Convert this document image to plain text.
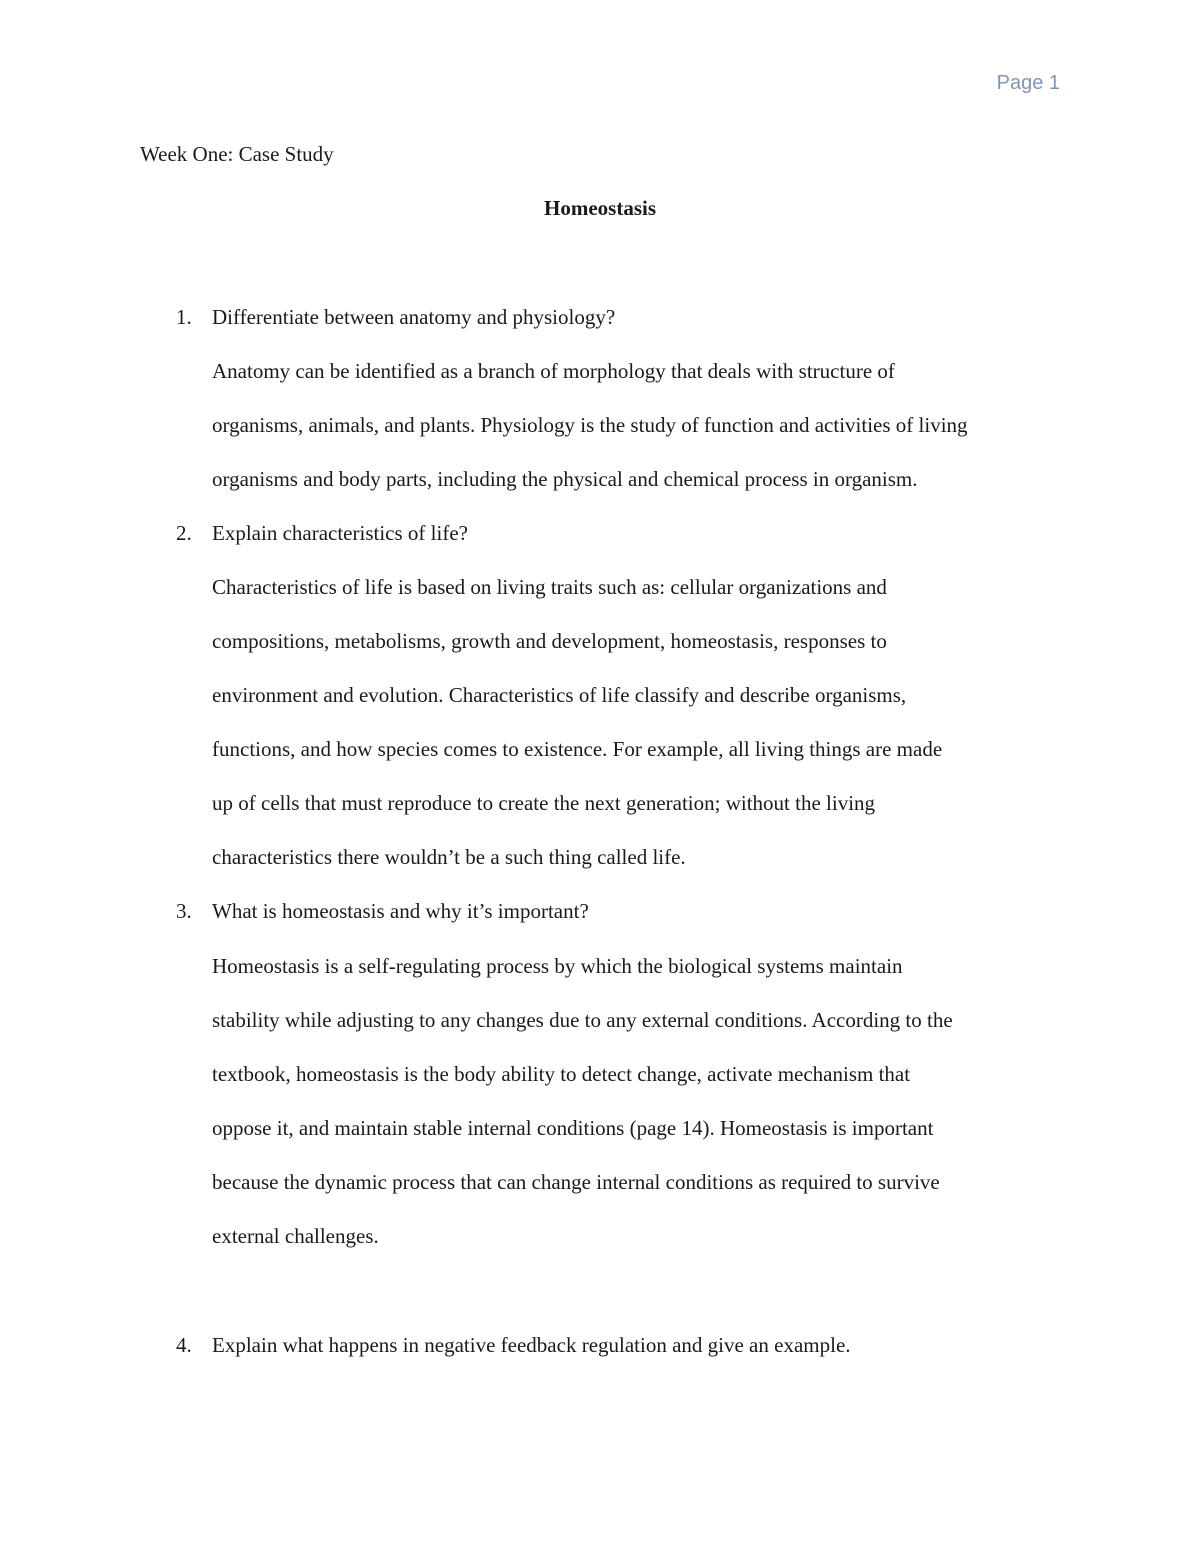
Page 1
Week One: Case Study
Homeostasis
1. Differentiate between anatomy and physiology?
Anatomy can be identified as a branch of morphology that deals with structure of
organisms, animals, and plants. Physiology is the study of function and activities of living
organisms and body parts, including the physical and chemical process in organism.
2. Explain characteristics of life?
Characteristics of life is based on living traits such as: cellular organizations and
compositions, metabolisms, growth and development, homeostasis, responses to
environment and evolution. Characteristics of life classify and describe organisms,
functions, and how species comes to existence. For example, all living things are made
up of cells that must reproduce to create the next generation; without the living
characteristics there wouldn’t be a such thing called life.
3. What is homeostasis and why it’s important?
Homeostasis is a self-regulating process by which the biological systems maintain
stability while adjusting to any changes due to any external conditions. According to the
textbook, homeostasis is the body ability to detect change, activate mechanism that
oppose it, and maintain stable internal conditions (page 14). Homeostasis is important
because the dynamic process that can change internal conditions as required to survive
external challenges.
4. Explain what happens in negative feedback regulation and give an example.
